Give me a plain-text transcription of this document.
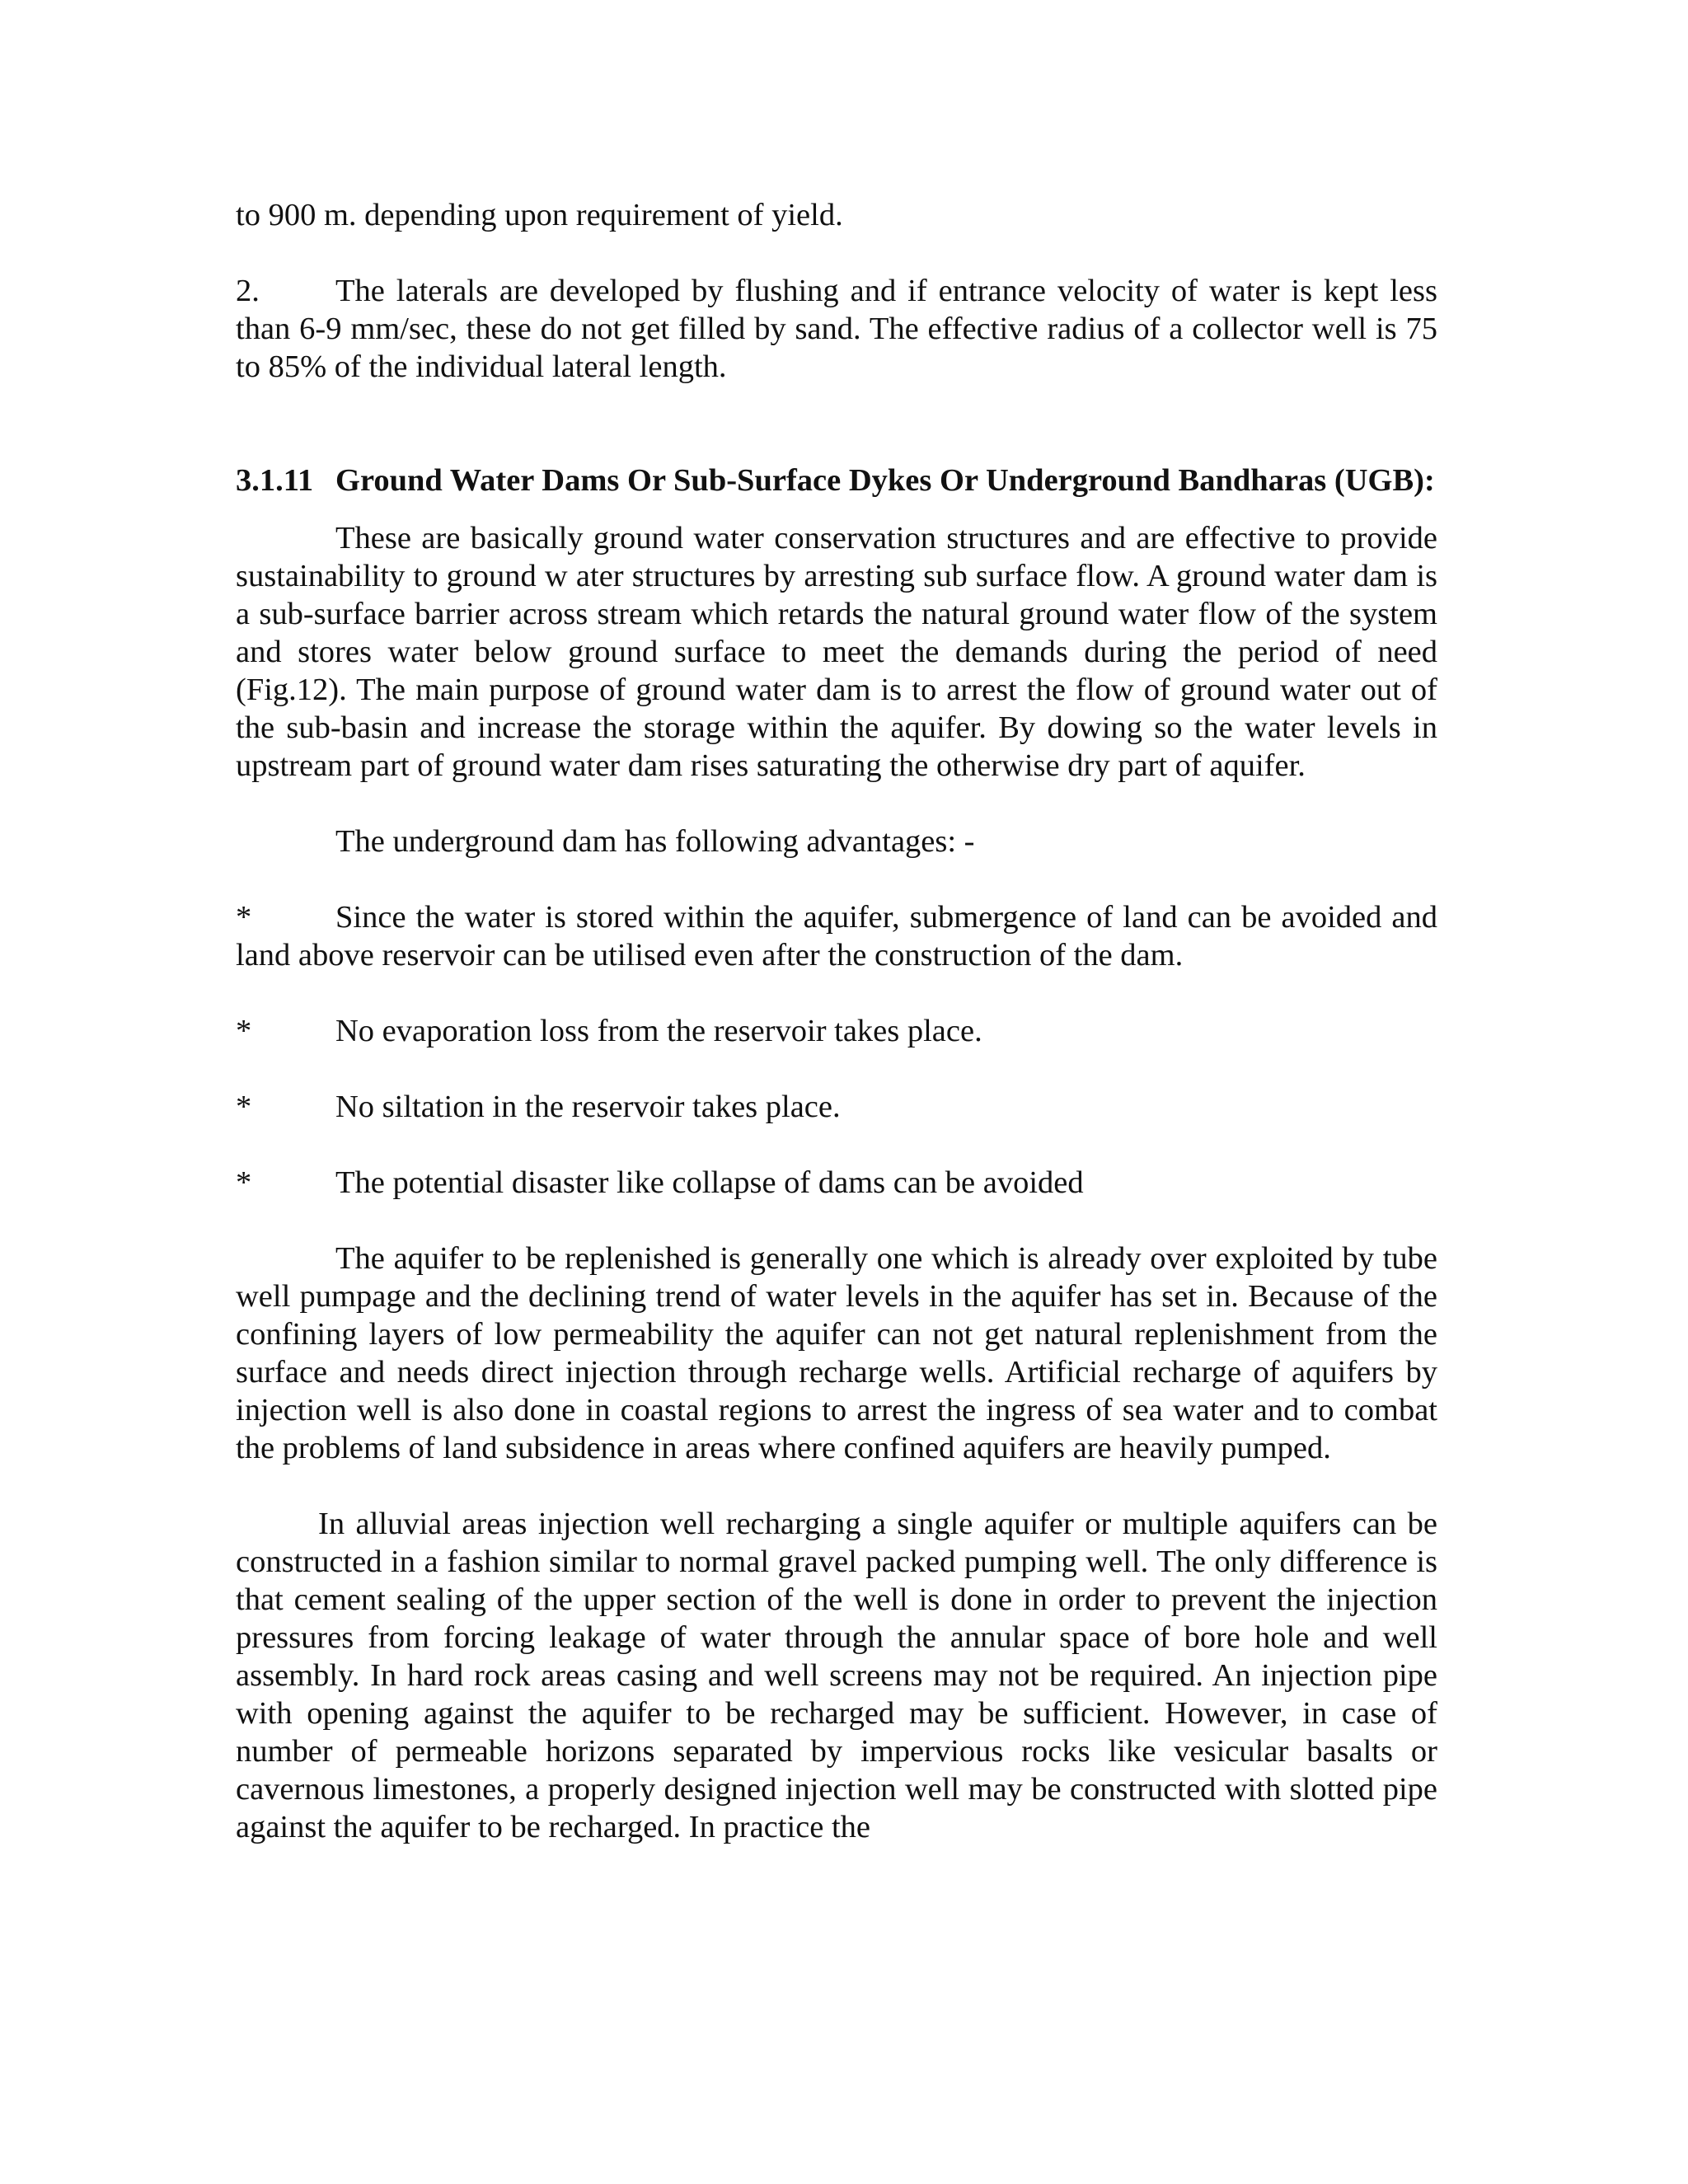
to 900 m. depending upon requirement of yield.

2. The laterals are developed by flushing and if entrance velocity of water is kept less than 6-9 mm/sec, these do not get filled by sand. The effective radius of a collector well is 75 to 85% of the individual lateral length.

3.1.11 Ground Water Dams Or Sub-Surface Dykes Or Underground Bandharas (UGB):

These are basically ground water conservation structures and are effective to provide sustainability to ground w ater structures by arresting sub surface flow. A ground water dam is a sub-surface barrier across stream which retards the natural ground water flow of the system and stores water below ground surface to meet the demands during the period of need (Fig.12). The main purpose of ground water dam is to arrest the flow of ground water out of the sub-basin and increase the storage within the aquifer. By dowing so the water levels in upstream part of ground water dam rises saturating the otherwise dry part of aquifer.

The underground dam has following advantages: -

*	Since the water is stored within the aquifer, submergence of land can be avoided and land above reservoir can be utilised even after the construction of the dam.

*	No evaporation loss from the reservoir takes place.

*	No siltation in the reservoir takes place.

*	The potential disaster like collapse of dams can be avoided

The aquifer to be replenished is generally one which is already over exploited by tube well pumpage and the declining trend of water levels in the aquifer has set in. Because of the confining layers of low permeability the aquifer can not get natural replenishment from the surface and needs direct injection through recharge wells. Artificial recharge of aquifers by injection well is also done in coastal regions to arrest the ingress of sea water and to combat the problems of land subsidence in areas where confined aquifers are heavily pumped.

In alluvial areas injection well recharging a single aquifer or multiple aquifers can be constructed in a fashion similar to normal gravel packed pumping well. The only difference is that cement sealing of the upper section of the well is done in order to prevent the injection pressures from forcing leakage of water through the annular space of bore hole and well assembly. In hard rock areas casing and well screens may not be required. An injection pipe with opening against the aquifer to be recharged may be sufficient. However, in case of number of permeable horizons separated by impervious rocks like vesicular basalts or cavernous limestones, a properly designed injection well may be constructed with slotted pipe against the aquifer to be recharged. In practice the
